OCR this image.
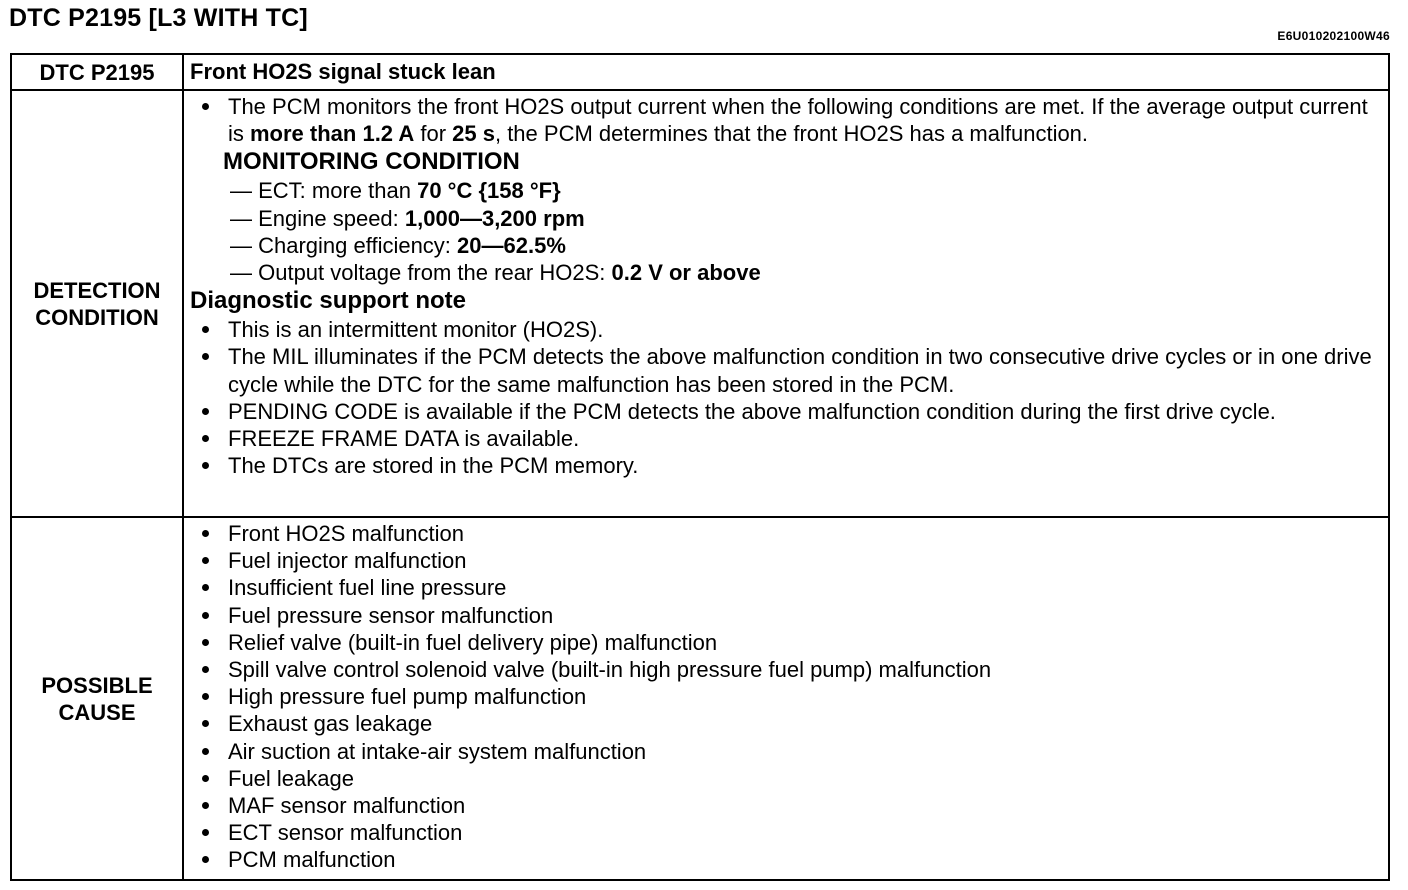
DTC P2195 [L3 WITH TC]
E6U010202100W46
DTC P2195 Front HO2S signal stuck lean
DETECTION
CONDITION
The PCM monitors the front HO2S output current when the following conditions are met. If the average output current is more than 1.2 A for 25 s, the PCM determines that the front HO2S has a malfunction.
MONITORING CONDITION
— ECT: more than 70 °C {158 °F}
— Engine speed: 1,000—3,200 rpm
— Charging efficiency: 20—62.5%
— Output voltage from the rear HO2S: 0.2 V or above
Diagnostic support note
This is an intermittent monitor (HO2S).
The MIL illuminates if the PCM detects the above malfunction condition in two consecutive drive cycles or in one drive cycle while the DTC for the same malfunction has been stored in the PCM.
PENDING CODE is available if the PCM detects the above malfunction condition during the first drive cycle.
FREEZE FRAME DATA is available.
The DTCs are stored in the PCM memory.
POSSIBLE
CAUSE
Front HO2S malfunction
Fuel injector malfunction
Insufficient fuel line pressure
Fuel pressure sensor malfunction
Relief valve (built-in fuel delivery pipe) malfunction
Spill valve control solenoid valve (built-in high pressure fuel pump) malfunction
High pressure fuel pump malfunction
Exhaust gas leakage
Air suction at intake-air system malfunction
Fuel leakage
MAF sensor malfunction
ECT sensor malfunction
PCM malfunction
